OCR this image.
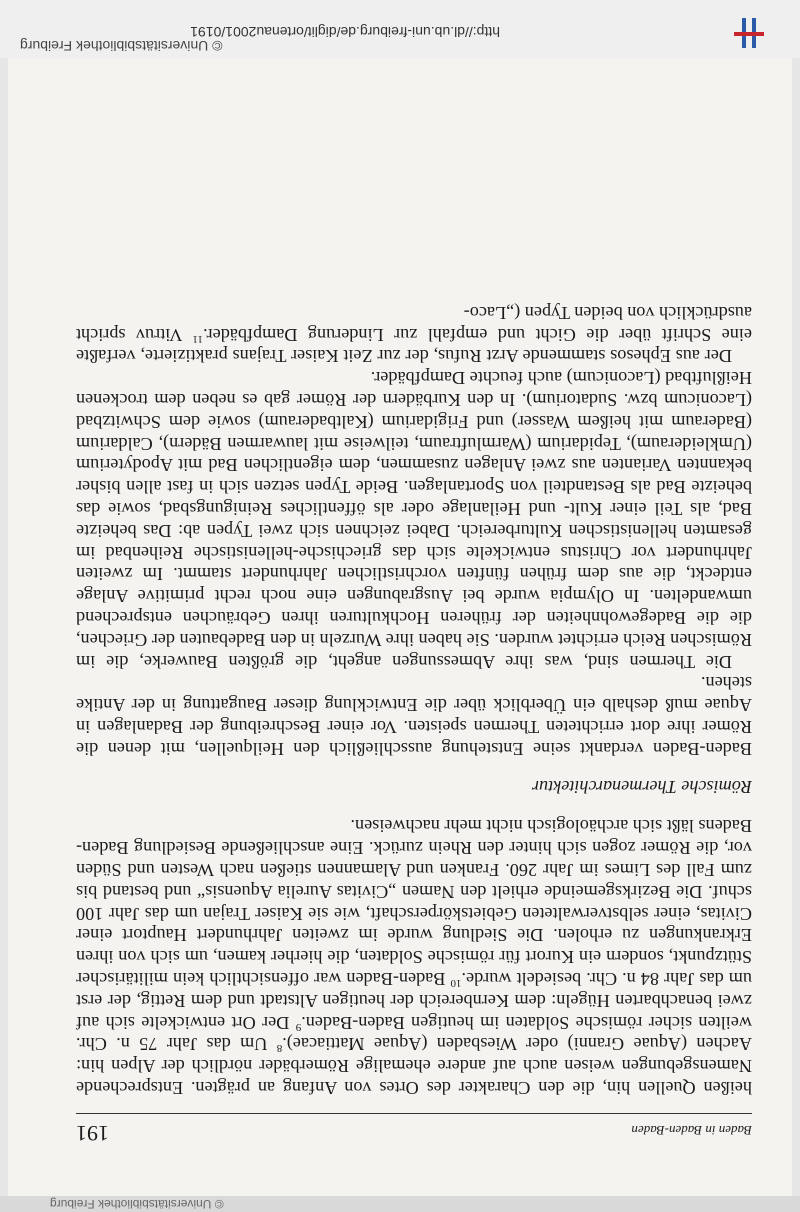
© Universitätsbibliothek Freiburg
Baden in Baden-Baden
191

heißen Quellen hin, die den Charakter des Ortes von Anfang an prägten. Entsprechende Namensgebungen weisen auch auf andere ehemalige Römerbäder nördlich der Alpen hin: Aachen (Aquae Granni) oder Wiesbaden (Aquae Mattiacae).$^8$ Um das Jahr 75 n. Chr. weilten sicher römische Soldaten im heutigen Baden-Baden.$^9$ Der Ort entwickelte sich auf zwei benachbarten Hügeln: dem Kernbereich der heutigen Altstadt und dem Rettig, der erst um das Jahr 84 n. Chr. besiedelt wurde.$^{10}$ Baden-Baden war offensichtlich kein militärischer Stützpunkt, sondern ein Kurort für römische Soldaten, die hierher kamen, um sich von ihren Erkrankungen zu erholen. Die Siedlung wurde im zweiten Jahrhundert Hauptort einer Civitas, einer selbstverwalteten Gebietskörperschaft, wie sie Kaiser Trajan um das Jahr 100 schuf. Die Bezirksgemeinde erhielt den Namen „Civitas Aurelia Aquensis“ und bestand bis zum Fall des Limes im Jahr 260. Franken und Alamannen stießen nach Westen und Süden vor, die Römer zogen sich hinter den Rhein zurück. Eine anschließende Besiedlung Baden-Badens läßt sich archäologisch nicht mehr nachweisen.

Römische Thermenarchitektur

Baden-Baden verdankt seine Entstehung ausschließlich den Heilquellen, mit denen die Römer ihre dort errichteten Thermen speisten. Vor einer Beschreibung der Badanlagen in Aquae muß deshalb ein Überblick über die Entwicklung dieser Baugattung in der Antike stehen.

Die Thermen sind, was ihre Abmessungen angeht, die größten Bauwerke, die im Römischen Reich errichtet wurden. Sie haben ihre Wurzeln in den Badebauten der Griechen, die die Badegewohnheiten der früheren Hochkulturen ihren Gebräuchen entsprechend umwandelten. In Olympia wurde bei Ausgrabungen eine noch recht primitive Anlage entdeckt, die aus dem frühen fünften vorchristlichen Jahrhundert stammt. Im zweiten Jahrhundert vor Christus entwickelte sich das griechische-hellenistische Reihenbad im gesamten hellenistischen Kulturbereich. Dabei zeichnen sich zwei Typen ab: Das beheizte Bad, als Teil einer Kult- und Heilanlage oder als öffentliches Reinigungsbad, sowie das beheizte Bad als Bestandteil von Sportanlagen. Beide Typen setzen sich in fast allen bisher bekannten Varianten aus zwei Anlagen zusammen, dem eigentlichen Bad mit Apodyterium (Umkleideraum), Tepidarium (Warmluftraum, teilweise mit lauwarmen Bädern), Caldarium (Baderaum mit heißem Wasser) und Frigidarium (Kaltbaderaum) sowie dem Schwitzbad (Laconicum bzw. Sudatorium). In den Kurbädern der Römer gab es neben dem trockenen Heißluftbad (Laconicum) auch feuchte Dampfbäder.

Der aus Ephesos stammende Arzt Rufus, der zur Zeit Kaiser Trajans praktizierte, verfaßte eine Schrift über die Gicht und empfahl zur Linderung Dampfbäder.$^{11}$ Vitruv spricht ausdrücklich von beiden Typen („Laco-

http://dl.ub.uni-freiburg.de/diglit/ortenau2001/0191
© Universitätsbibliothek Freiburg
